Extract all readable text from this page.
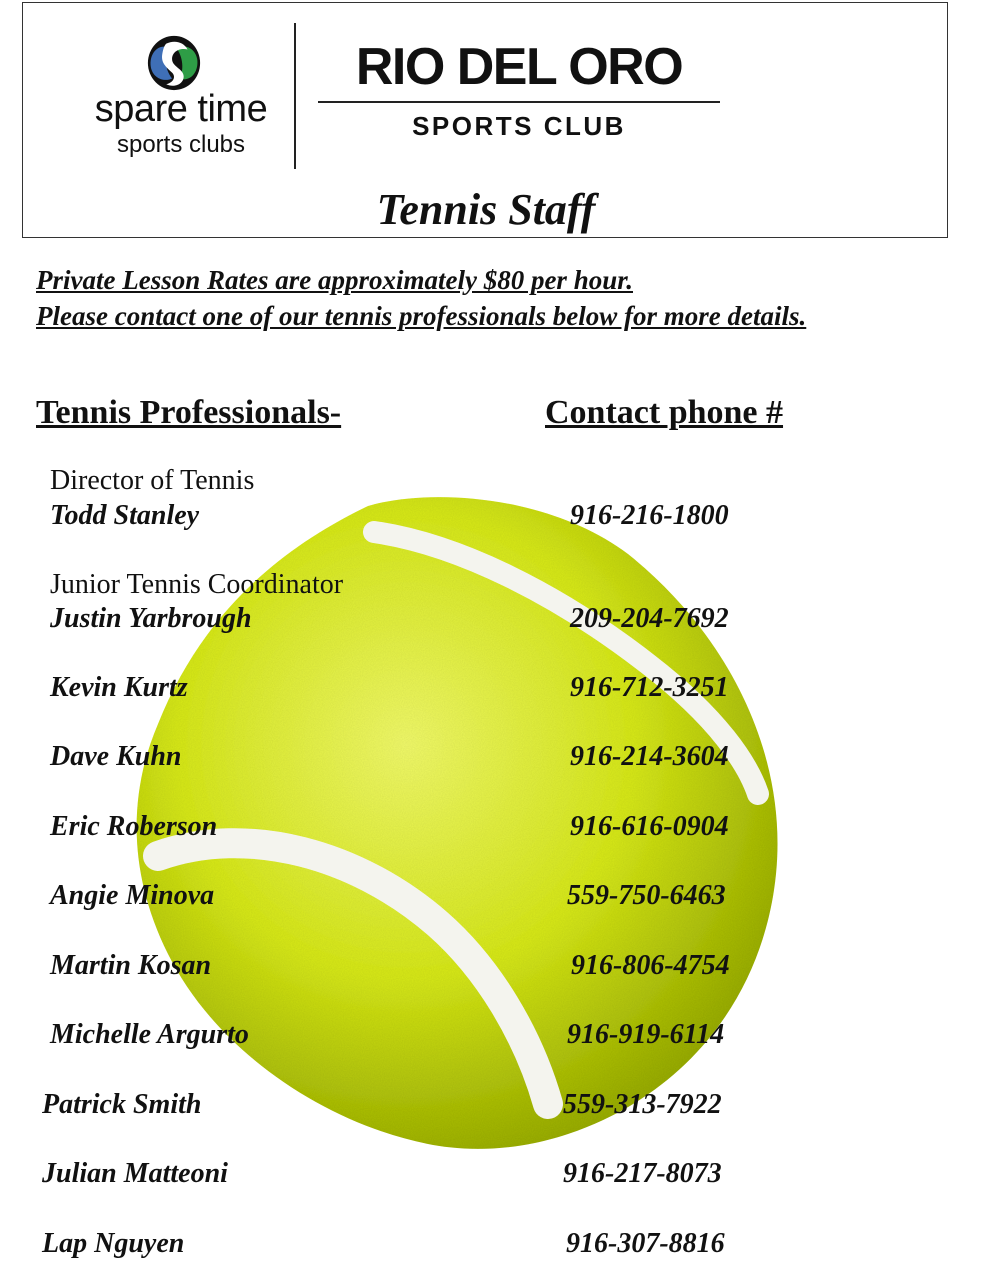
spare time
sports clubs
RIO DEL ORO
SPORTS CLUB
Tennis Staff
Private Lesson Rates are approximately $80 per hour.
Please contact one of our tennis professionals below for more details.
Tennis Professionals-	Contact phone #
Director of Tennis
Todd Stanley	916-216-1800
Junior Tennis Coordinator
Justin Yarbrough	209-204-7692
Kevin Kurtz	916-712-3251
Dave Kuhn	916-214-3604
Eric Roberson	916-616-0904
Angie Minova	559-750-6463
Martin Kosan	916-806-4754
Michelle Argurto	916-919-6114
Patrick Smith	559-313-7922
Julian Matteoni	916-217-8073
Lap Nguyen	916-307-8816
